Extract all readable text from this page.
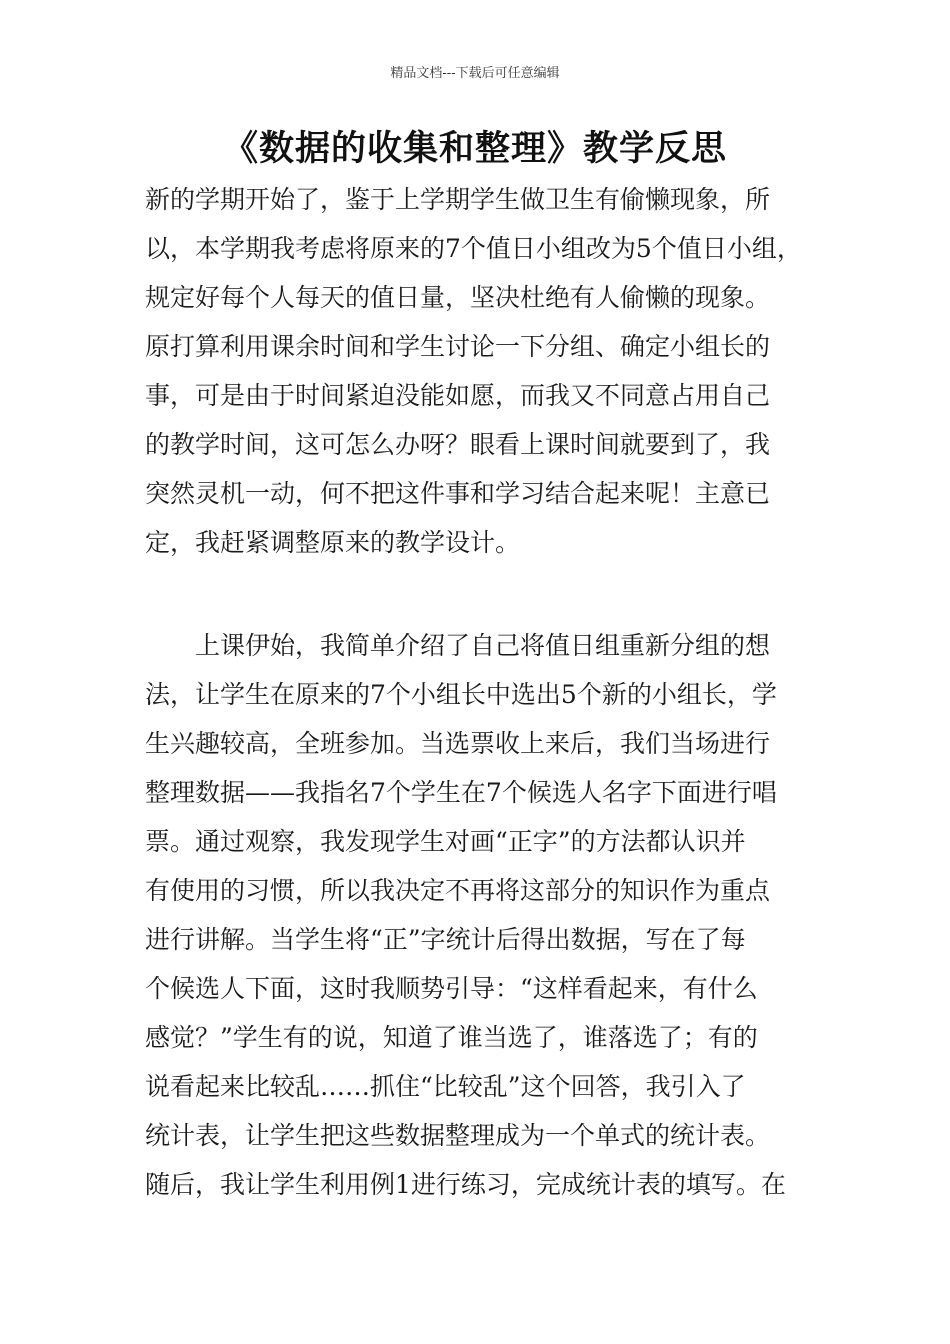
精品文档---下载后可任意编辑
《数据的收集和整理》教学反思
新的学期开始了，鉴于上学期学生做卫生有偷懒现象，所
以，本学期我考虑将原来的7个值日小组改为5个值日小组，
规定好每个人每天的值日量，坚决杜绝有人偷懒的现象。
原打算利用课余时间和学生讨论一下分组、确定小组长的
事，可是由于时间紧迫没能如愿，而我又不同意占用自己
的教学时间，这可怎么办呀？眼看上课时间就要到了，我
突然灵机一动，何不把这件事和学习结合起来呢！主意已
定，我赶紧调整原来的教学设计。
　　上课伊始，我简单介绍了自己将值日组重新分组的想
法，让学生在原来的7个小组长中选出5个新的小组长，学
生兴趣较高，全班参加。当选票收上来后，我们当场进行
整理数据——我指名7个学生在7个候选人名字下面进行唱
票。通过观察，我发现学生对画“正字”的方法都认识并
有使用的习惯，所以我决定不再将这部分的知识作为重点
进行讲解。当学生将“正”字统计后得出数据，写在了每
个候选人下面，这时我顺势引导：“这样看起来，有什么
感觉？”学生有的说，知道了谁当选了，谁落选了；有的
说看起来比较乱……抓住“比较乱”这个回答，我引入了
统计表，让学生把这些数据整理成为一个单式的统计表。
随后，我让学生利用例1进行练习，完成统计表的填写。在
